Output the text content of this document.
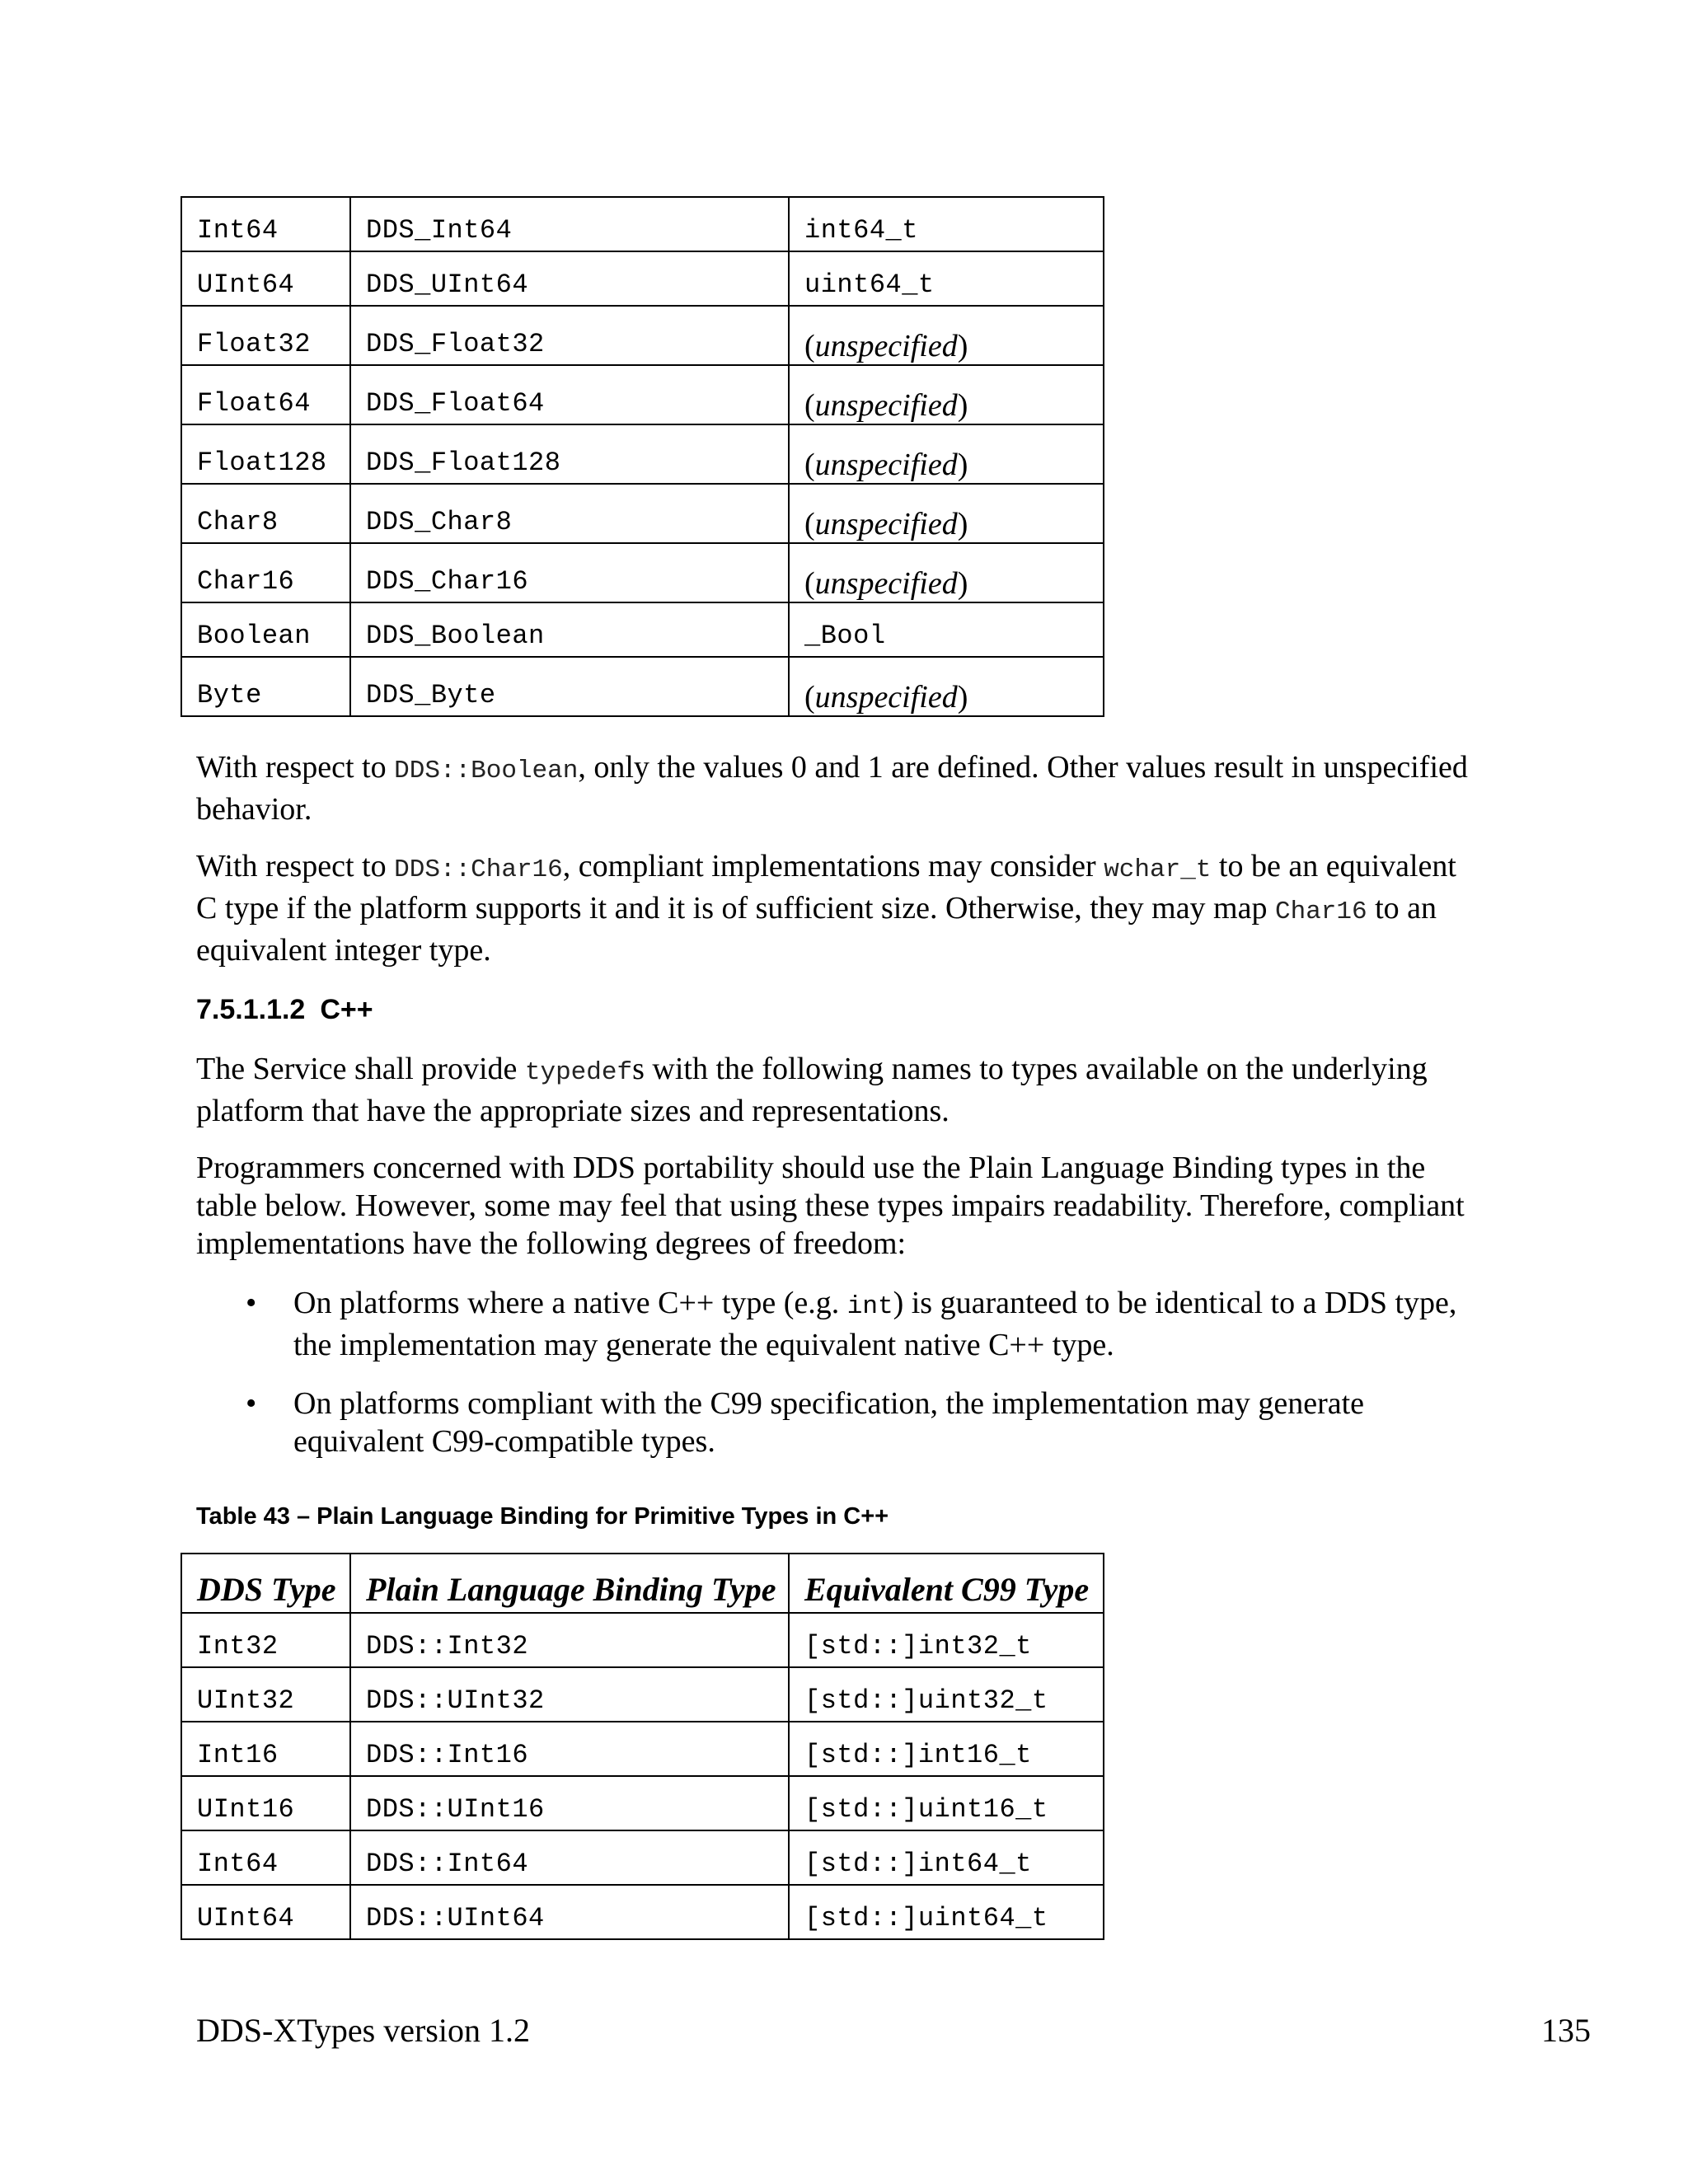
Int64	DDS_Int64	int64_t
UInt64	DDS_UInt64	uint64_t
Float32	DDS_Float32	(unspecified)
Float64	DDS_Float64	(unspecified)
Float128	DDS_Float128	(unspecified)
Char8	DDS_Char8	(unspecified)
Char16	DDS_Char16	(unspecified)
Boolean	DDS_Boolean	_Bool
Byte	DDS_Byte	(unspecified)

With respect to DDS::Boolean, only the values 0 and 1 are defined. Other values result in unspecified behavior.

With respect to DDS::Char16, compliant implementations may consider wchar_t to be an equivalent C type if the platform supports it and it is of sufficient size. Otherwise, they may map Char16 to an equivalent integer type.

7.5.1.1.2 C++

The Service shall provide typedefs with the following names to types available on the underlying platform that have the appropriate sizes and representations.

Programmers concerned with DDS portability should use the Plain Language Binding types in the table below. However, some may feel that using these types impairs readability. Therefore, compliant implementations have the following degrees of freedom:

• On platforms where a native C++ type (e.g. int) is guaranteed to be identical to a DDS type, the implementation may generate the equivalent native C++ type.
• On platforms compliant with the C99 specification, the implementation may generate equivalent C99-compatible types.

Table 43 – Plain Language Binding for Primitive Types in C++

DDS Type	Plain Language Binding Type	Equivalent C99 Type
Int32	DDS::Int32	[std::]int32_t
UInt32	DDS::UInt32	[std::]uint32_t
Int16	DDS::Int16	[std::]int16_t
UInt16	DDS::UInt16	[std::]uint16_t
Int64	DDS::Int64	[std::]int64_t
UInt64	DDS::UInt64	[std::]uint64_t
DDS-XTypes version 1.2	135
